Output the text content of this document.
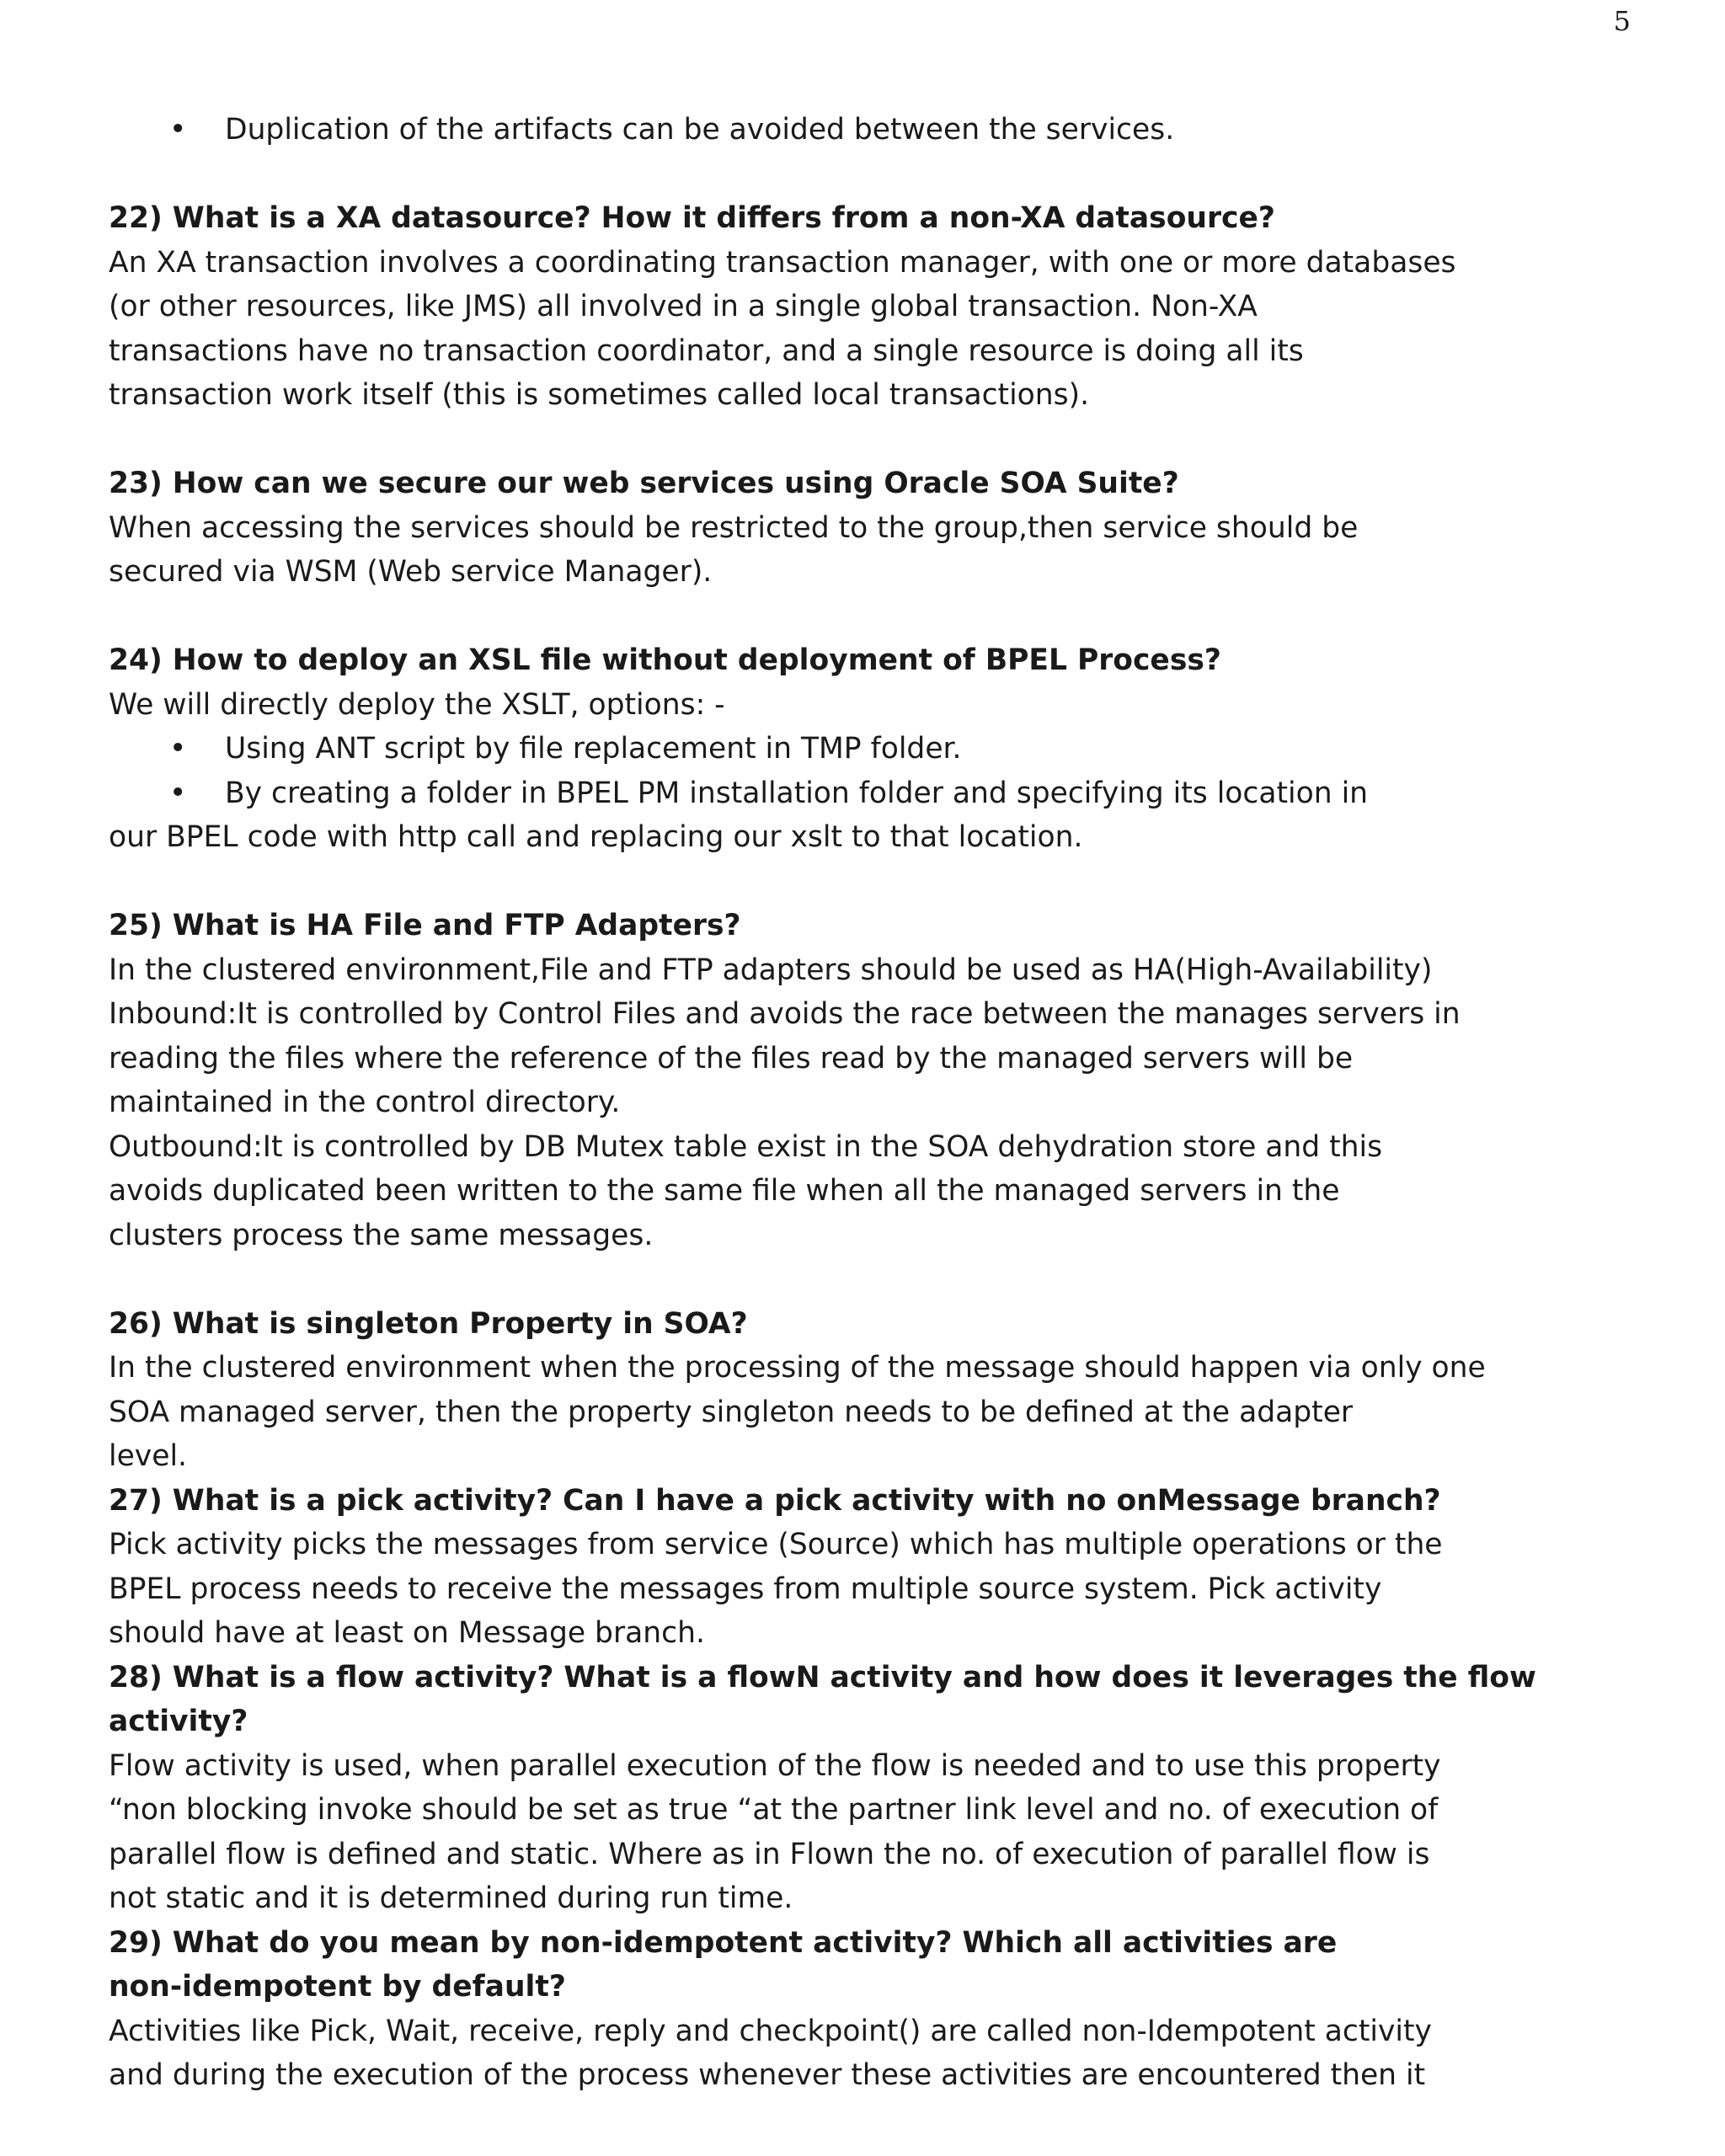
5
• Duplication of the artifacts can be avoided between the services.
22) What is a XA datasource? How it differs from a non-XA datasource?
An XA transaction involves a coordinating transaction manager, with one or more databases
(or other resources, like JMS) all involved in a single global transaction. Non-XA
transactions have no transaction coordinator, and a single resource is doing all its
transaction work itself (this is sometimes called local transactions).
23) How can we secure our web services using Oracle SOA Suite?
When accessing the services should be restricted to the group,then service should be
secured via WSM (Web service Manager).
24) How to deploy an XSL file without deployment of BPEL Process?
We will directly deploy the XSLT, options: -
• Using ANT script by file replacement in TMP folder.
• By creating a folder in BPEL PM installation folder and specifying its location in
our BPEL code with http call and replacing our xslt to that location.
25) What is HA File and FTP Adapters?
In the clustered environment,File and FTP adapters should be used as HA(High-Availability)
Inbound:It is controlled by Control Files and avoids the race between the manages servers in
reading the files where the reference of the files read by the managed servers will be
maintained in the control directory.
Outbound:It is controlled by DB Mutex table exist in the SOA dehydration store and this
avoids duplicated been written to the same file when all the managed servers in the
clusters process the same messages.
26) What is singleton Property in SOA?
In the clustered environment when the processing of the message should happen via only one
SOA managed server, then the property singleton needs to be defined at the adapter
level.
27) What is a pick activity? Can I have a pick activity with no onMessage branch?
Pick activity picks the messages from service (Source) which has multiple operations or the
BPEL process needs to receive the messages from multiple source system. Pick activity
should have at least on Message branch.
28) What is a flow activity? What is a flowN activity and how does it leverages the flow
activity?
Flow activity is used, when parallel execution of the flow is needed and to use this property
“non blocking invoke should be set as true “at the partner link level and no. of execution of
parallel flow is defined and static. Where as in Flown the no. of execution of parallel flow is
not static and it is determined during run time.
29) What do you mean by non-idempotent activity? Which all activities are
non-idempotent by default?
Activities like Pick, Wait, receive, reply and checkpoint() are called non-Idempotent activity
and during the execution of the process whenever these activities are encountered then it
